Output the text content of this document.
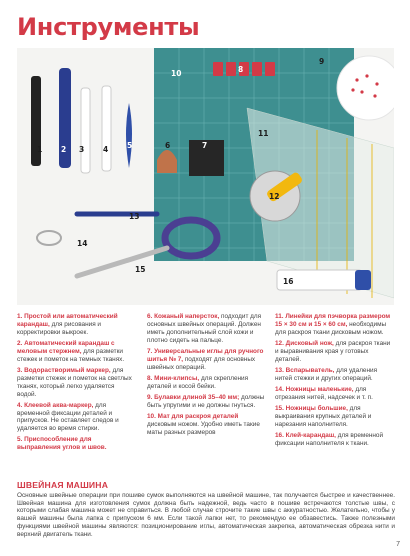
Инструменты
1	2 3	4	5	6	7
8
9
10
11
12
13
14
15
16
1. Простой или автоматический карандаш, для рисования и корректировки выкроек.
2. Автоматический карандаш с меловым стержнем, для разметки стежек и пометок на темных тканях.
3. Водорастворимый маркер, для разметки стежек и пометок на светлых тканях, который легко удаляется водой.
4. Клеевой аква-маркер, для временной фиксации деталей и припусков. Не оставляет следов и удаляется во время стирки.
5. Приспособление для выправления углов и швов.
6. Кожаный наперсток, подходит для основных швейных операций. Должен иметь дополнительный слой кожи и плотно сидеть на пальце.
7. Универсальные иглы для ручного шитья № 7, подходят для основных швейных операций.
8. Мини-клипсы, для скрепления деталей и косой бейки.
9. Булавки длиной 35–40 мм; должны быть упругими и не должны гнуться.
10. Мат для раскроя деталей дисковым ножом. Удобно иметь такие маты разных размеров
11. Линейки для пэчворка размером 15 × 30 см и 15 × 60 см, необходимы для раскроя ткани дисковым ножом.
12. Дисковый нож, для раскроя ткани и выравнивания края у готовых деталей.
13. Вспарыватель, для удаления нитей стежки и других операций.
14. Ножницы маленькие, для отрезания нитей, надсечек и т. п.
15. Ножницы большие, для выкраивания крупных деталей и нарезания наполнителя.
16. Клей-карандаш, для временной фиксации наполнителя к ткани.
ШВЕЙНАЯ МАШИНА
Основные швейные операции при пошиве сумок выполняются на швейной машине, так получается быстрее и качественнее. Швейная машина для изготовления сумок должна быть надежной, ведь часто в пошиве встречаются толстые швы, с которыми слабая машина может не справиться. В любой случае строчите такие швы с аккуратностью. Желательно, чтобы у вашей машины была лапка с припуском 6 мм. Если такой лапки нет, то рекомендую ее обзавестись. Также полезными функциями швейной машины являются: позиционирование иглы, автоматическая закрепка, автоматическая обрезка нити и верхний двигатель ткани.
7
